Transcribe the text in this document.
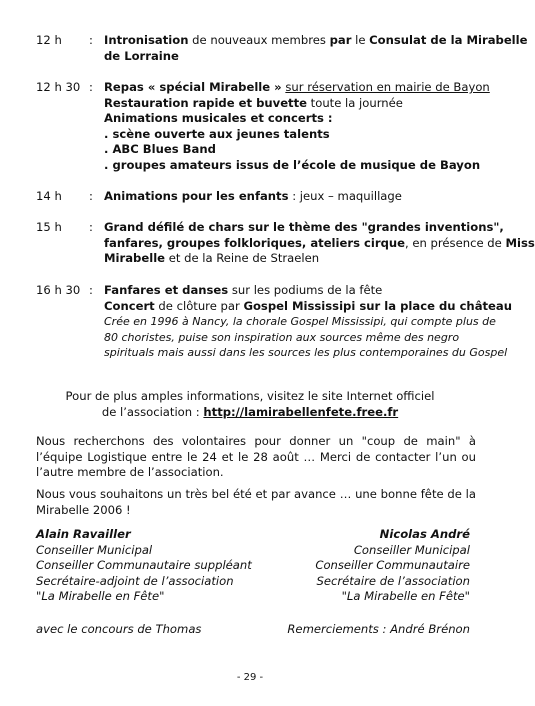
12 h	: Intronisation de nouveaux membres par le Consulat de la Mirabelle
de Lorraine
12 h 30 : Repas « spécial Mirabelle » sur réservation en mairie de Bayon
Restauration rapide et buvette toute la journée
Animations musicales et concerts :
. scène ouverte aux jeunes talents
. ABC Blues Band
. groupes amateurs issus de l’école de musique de Bayon
14 h	: Animations pour les enfants : jeux – maquillage
15 h	: Grand défilé de chars sur le thème des "grandes inventions",
fanfares, groupes folkloriques, ateliers cirque, en présence de Miss
Mirabelle et de la Reine de Straelen
16 h 30 : Fanfares et danses sur les podiums de la fête
Concert de clôture par Gospel Mississipi sur la place du château
Crée en 1996 à Nancy, la chorale Gospel Mississipi, qui compte plus de
80 choristes, puise son inspiration aux sources même des negro
spirituals mais aussi dans les sources les plus contemporaines du Gospel
Pour de plus amples informations, visitez le site Internet officiel
de l’association : http://lamirabellenfete.free.fr
Nous recherchons des volontaires pour donner un "coup de main" à l’équipe Logistique entre le 24 et le 28 août … Merci de contacter l’un ou l’autre membre de l’association.
Nous vous souhaitons un très bel été et par avance … une bonne fête de la Mirabelle 2006 !
Alain Ravailler
Conseiller Municipal
Conseiller Communautaire suppléant
Secrétaire-adjoint de l’association
"La Mirabelle en Fête"
Nicolas André
Conseiller Municipal
Conseiller Communautaire
Secrétaire de l’association
"La Mirabelle en Fête"
avec le concours de Thomas	Remerciements : André Brénon
- 29 -
